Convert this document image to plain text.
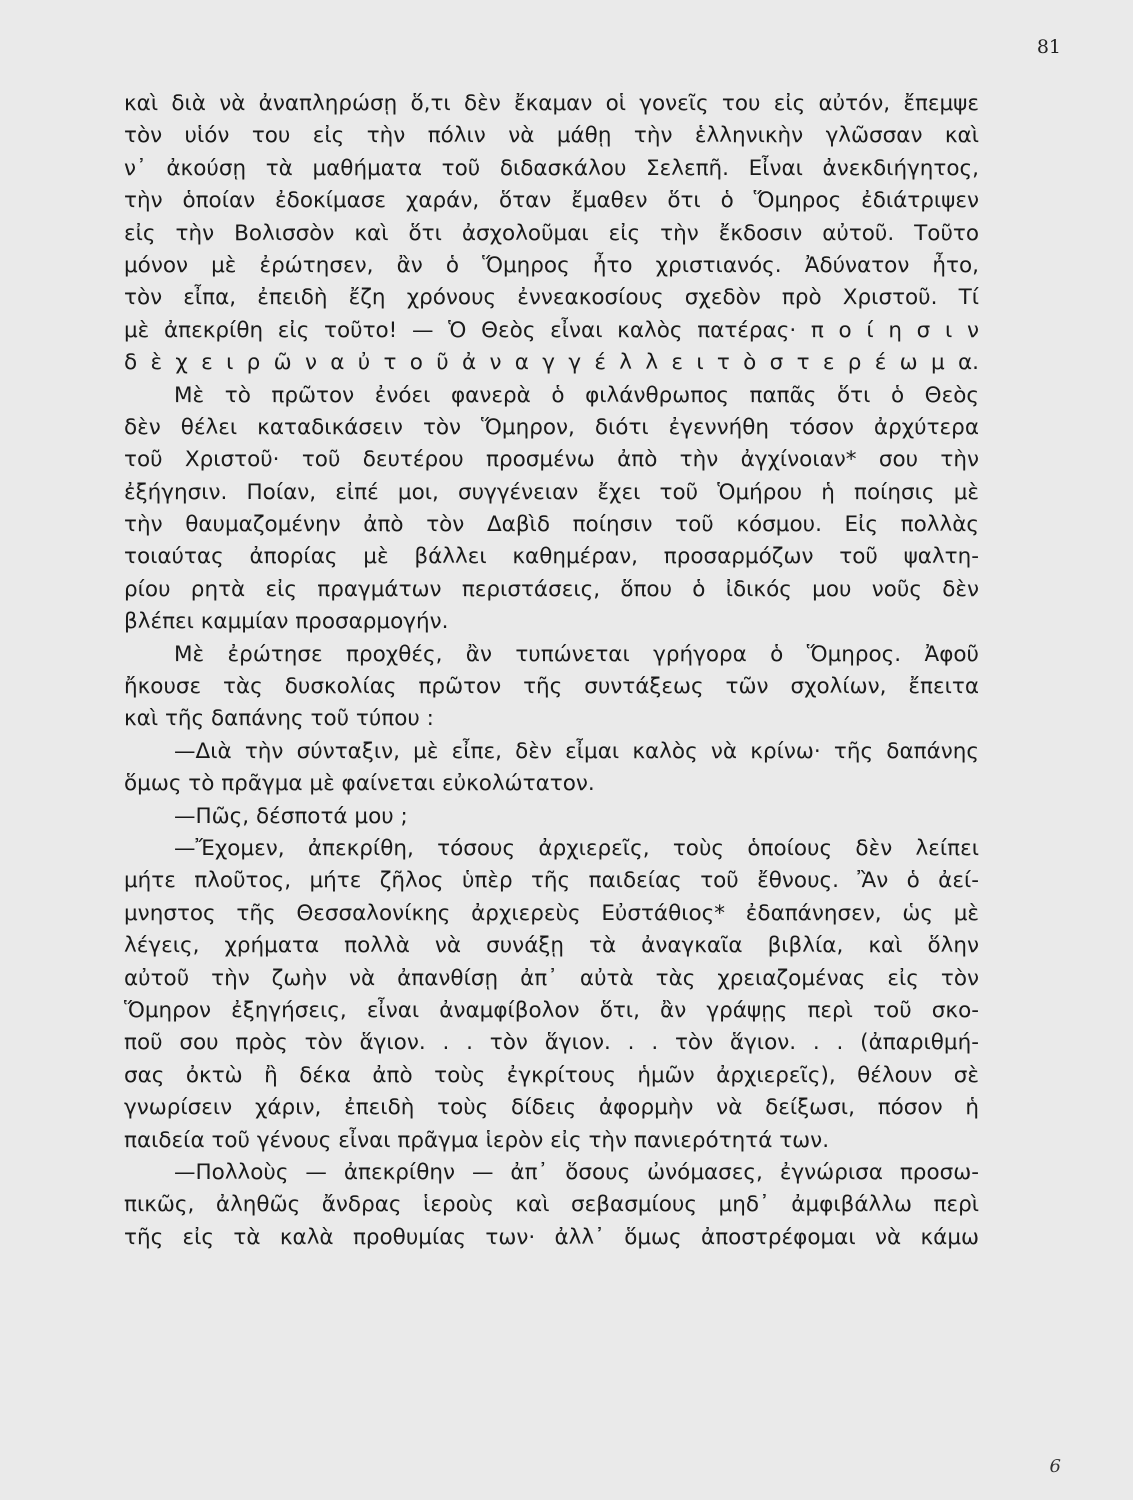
81
καὶ διὰ νὰ ἀναπληρώσῃ ὅ,τι δὲν ἔκαμαν οἱ γονεῖς του εἰς αὐτόν, ἔπεμψε
τὸν υἱόν του εἰς τὴν πόλιν νὰ μάθῃ τὴν ἑλληνικὴν γλῶσσαν καὶ
ν᾽ ἀκούσῃ τὰ μαθήματα τοῦ διδασκάλου Σελεπῆ. Εἶναι ἀνεκδιήγητος,
τὴν ὁποίαν ἐδοκίμασε χαράν, ὅταν ἔμαθεν ὅτι ὁ Ὅμηρος ἐδιάτριψεν
εἰς τὴν Βολισσὸν καὶ ὅτι ἀσχολοῦμαι εἰς τὴν ἔκδοσιν αὐτοῦ. Τοῦτο
μόνον μὲ ἐρώτησεν, ἂν ὁ Ὅμηρος ἦτο χριστιανός. Ἀδύνατον ἦτο,
τὸν εἶπα, ἐπειδὴ ἔζη χρόνους ἐννεακοσίους σχεδὸν πρὸ Χριστοῦ. Τί
μὲ ἀπεκρίθη εἰς τοῦτο! — Ὁ Θεὸς εἶναι καλὸς πατέρας· π ο ί η σ ι ν
δ ὲ χ ε ι ρ ῶ ν α ὐ τ ο ῦ ἀ ν α γ γ έ λ λ ε ι τ ὸ σ τ ε ρ έ ω μ α.
Μὲ τὸ πρῶτον ἐνόει φανερὰ ὁ φιλάνθρωπος παπᾶς ὅτι ὁ Θεὸς
δὲν θέλει καταδικάσειν τὸν Ὅμηρον, διότι ἐγεννήθη τόσον ἀρχύτερα
τοῦ Χριστοῦ· τοῦ δευτέρου προσμένω ἀπὸ τὴν ἀγχίνοιαν* σου τὴν
ἐξήγησιν. Ποίαν, εἰπέ μοι, συγγένειαν ἔχει τοῦ Ὁμήρου ἡ ποίησις μὲ
τὴν θαυμαζομένην ἀπὸ τὸν Δαβὶδ ποίησιν τοῦ κόσμου. Εἰς πολλὰς
τοιαύτας ἀπορίας μὲ βάλλει καθημέραν, προσαρμόζων τοῦ ψαλτη-
ρίου ρητὰ εἰς πραγμάτων περιστάσεις, ὅπου ὁ ἰδικός μου νοῦς δὲν
βλέπει καμμίαν προσαρμογήν.
Μὲ ἐρώτησε προχθές, ἂν τυπώνεται γρήγορα ὁ Ὅμηρος. Ἀφοῦ
ἤκουσε τὰς δυσκολίας πρῶτον τῆς συντάξεως τῶν σχολίων, ἔπειτα
καὶ τῆς δαπάνης τοῦ τύπου :
—Διὰ τὴν σύνταξιν, μὲ εἶπε, δὲν εἶμαι καλὸς νὰ κρίνω· τῆς δαπάνης
ὅμως τὸ πρᾶγμα μὲ φαίνεται εὐκολώτατον.
—Πῶς, δέσποτά μου ;
—Ἔχομεν, ἀπεκρίθη, τόσους ἀρχιερεῖς, τοὺς ὁποίους δὲν λείπει
μήτε πλοῦτος, μήτε ζῆλος ὑπὲρ τῆς παιδείας τοῦ ἔθνους. Ἂν ὁ ἀεί-
μνηστος τῆς Θεσσαλονίκης ἀρχιερεὺς Εὐστάθιος* ἐδαπάνησεν, ὡς μὲ
λέγεις, χρήματα πολλὰ νὰ συνάξῃ τὰ ἀναγκαῖα βιβλία, καὶ ὅλην
αὐτοῦ τὴν ζωὴν νὰ ἀπανθίσῃ ἀπ᾽ αὐτὰ τὰς χρειαζομένας εἰς τὸν
Ὅμηρον ἐξηγήσεις, εἶναι ἀναμφίβολον ὅτι, ἂν γράψῃς περὶ τοῦ σκο-
ποῦ σου πρὸς τὸν ἅγιον. . . τὸν ἅγιον. . . τὸν ἅγιον. . . (ἀπαριθμή-
σας ὀκτὼ ἢ δέκα ἀπὸ τοὺς ἐγκρίτους ἡμῶν ἀρχιερεῖς), θέλουν σὲ
γνωρίσειν χάριν, ἐπειδὴ τοὺς δίδεις ἀφορμὴν νὰ δείξωσι, πόσον ἡ
παιδεία τοῦ γένους εἶναι πρᾶγμα ἱερὸν εἰς τὴν πανιερότητά των.
—Πολλοὺς — ἀπεκρίθην — ἀπ᾽ ὅσους ὠνόμασες, ἐγνώρισα προσω-
πικῶς, ἀληθῶς ἄνδρας ἱεροὺς καὶ σεβασμίους μηδ᾽ ἀμφιβάλλω περὶ
τῆς εἰς τὰ καλὰ προθυμίας των· ἀλλ᾽ ὅμως ἀποστρέφομαι νὰ κάμω
6
